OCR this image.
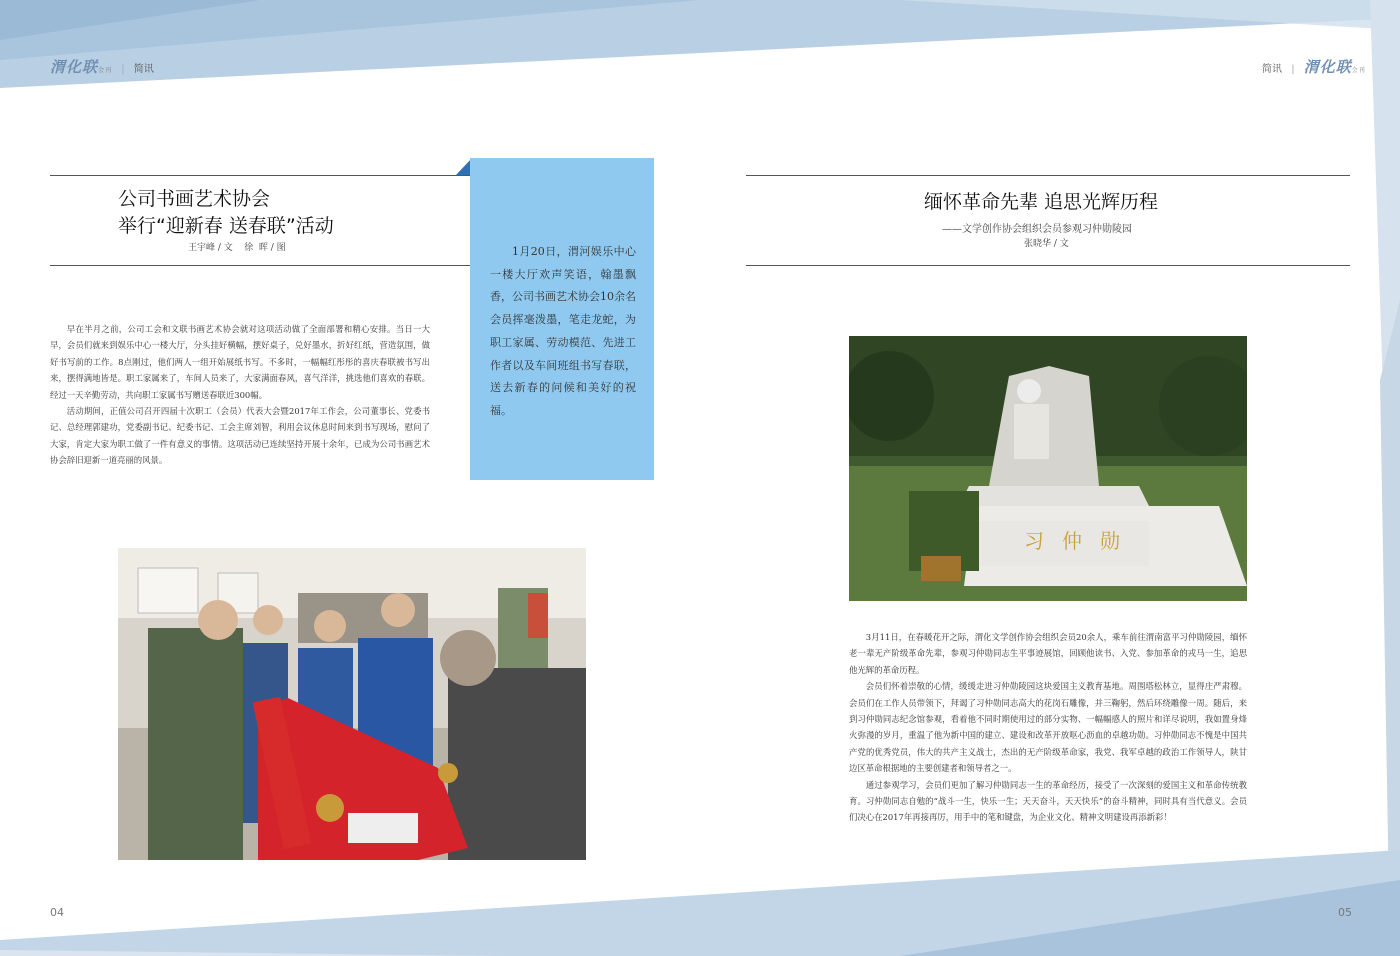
渭化联会刊 | 简讯	简讯 | 渭化联会刊
公司书画艺术协会
举行“迎新春 送春联”活动
王宇峰 / 文    徐  晖 / 图	1月20日，渭河娱乐中心一楼大厅欢声笑语，翰墨飘香，公司书画艺术协会10余名会员挥毫泼墨，笔走龙蛇，为职工家属、劳动模范、先进工作者以及车间班组书写春联，送去新春的问候和美好的祝福。

早在半月之前，公司工会和文联书画艺术协会就对这项活动做了全面部署和精心安排。当日一大早，会员们就来到娱乐中心一楼大厅，分头挂好横幅，摆好桌子，兑好墨水，折好红纸，营造氛围，做好书写前的工作。8点刚过，他们两人一组开始展纸书写。不多时，一幅幅红彤彤的喜庆春联被书写出来，摆得满地皆是。职工家属来了，车间人员来了，大家满面春风，喜气洋洋，挑选他们喜欢的春联。经过一天辛勤劳动，共向职工家属书写赠送春联近300幅。

活动期间，正值公司召开四届十次职工（会员）代表大会暨2017年工作会，公司董事长、党委书记、总经理郭建功，党委副书记、纪委书记、工会主席刘智，利用会议休息时间来到书写现场，慰问了大家，肯定大家为职工做了一件有意义的事情。这项活动已连续坚持开展十余年，已成为公司书画艺术协会辞旧迎新一道亮丽的风景。

缅怀革命先辈 追思光辉历程
——文学创作协会组织会员参观习仲勋陵园
张晓华 / 文
习仲勋

3月11日，在春暖花开之际，渭化文学创作协会组织会员20余人，乘车前往渭南富平习仲勋陵园，缅怀老一辈无产阶级革命先辈，参观习仲勋同志生平事迹展馆，回顾他读书、入党、参加革命的戎马一生，追思他光辉的革命历程。

会员们怀着崇敬的心情，缓缓走进习仲勋陵园这块爱国主义教育基地。周围塔松林立，显得庄严肃穆。会员们在工作人员带领下，拜谒了习仲勋同志高大的花岗石雕像，并三鞠躬，然后环绕雕像一周。随后，来到习仲勋同志纪念馆参观，看着他不同时期使用过的部分实物、一幅幅感人的照片和详尽说明，我如置身烽火弥漫的岁月，重温了他为新中国的建立、建设和改革开放呕心沥血的卓越功勋。习仲勋同志不愧是中国共产党的优秀党员，伟大的共产主义战士，杰出的无产阶级革命家，我党、我军卓越的政治工作领导人，陕甘边区革命根据地的主要创建者和领导者之一。

通过参观学习，会员们更加了解习仲勋同志一生的革命经历，接受了一次深刻的爱国主义和革命传统教育。习仲勋同志自勉的“战斗一生，快乐一生；天天奋斗，天天快乐”的奋斗精神，同时具有当代意义。会员们决心在2017年再接再厉，用手中的笔和键盘，为企业文化、精神文明建设再添新彩！

04	05
